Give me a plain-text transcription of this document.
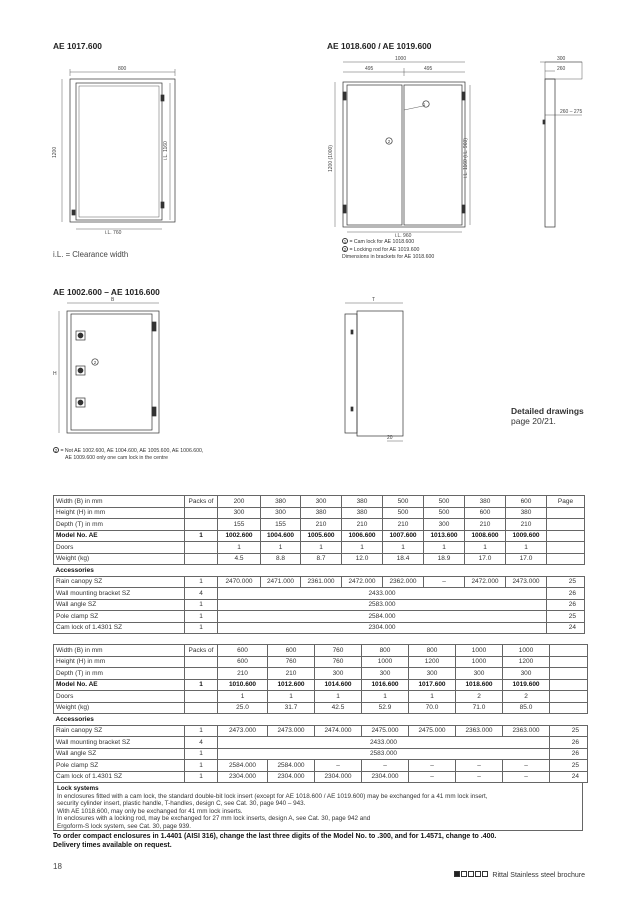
AE 1017.600	AE 1018.600 / AE 1019.600
800
1200	i.L. 1160
i.L. 760
1000
495	495
1200 (1000)	i.L. 1160 (i.L. 960)
i.L. 960
1
2
300
260
260 – 275
B
H
T
20
2
i.L. = Clearance width
1 = Cam lock for AE 1018.600
2 = Locking rod for AE 1019.600
Dimensions in brackets for AE 1018.600
AE 1002.600 – AE 1016.600
2 = Not AE 1002.600, AE 1004.600, AE 1005.600, AE 1006.600,
AE 1009.600 only one cam lock in the centre
Detailed drawings
page 20/21.
Width (B) in mm	Packs of	200	380	300	380	500	500	380	600	Page
Height (H) in mm		300	300	380	380	500	500	600	380	
Depth (T) in mm		155	155	210	210	210	300	210	210	
Model No. AE	1	1002.600	1004.600	1005.600	1006.600	1007.600	1013.600	1008.600	1009.600	
Doors		1	1	1	1	1	1	1	1	
Weight (kg)		4.5	8.8	8.7	12.0	18.4	18.9	17.0	17.0	
Accessories										
Rain canopy SZ	1	2470.000	2471.000	2361.000	2472.000	2362.000	–	2472.000	2473.000	25
Wall mounting bracket SZ	4	2433.000								26
Wall angle SZ	1	2583.000								26
Pole clamp SZ	1	2584.000								25
Cam lock of 1.4301 SZ	1	2304.000								24
Width (B) in mm	Packs of	600	600	760	800	800	1000	1000	
Height (H) in mm		600	760	760	1000	1200	1000	1200	
Depth (T) in mm		210	210	300	300	300	300	300	
Model No. AE	1	1010.600	1012.600	1014.600	1016.600	1017.600	1018.600	1019.600	
Doors		1	1	1	1	1	2	2	
Weight (kg)		25.0	31.7	42.5	52.9	70.0	71.0	85.0	
Accessories									
Rain canopy SZ	1	2473.000	2473.000	2474.000	2475.000	2475.000	2363.000	2363.000	25
Wall mounting bracket SZ	4	2433.000							26
Wall angle SZ	1	2583.000							26
Pole clamp SZ	1	2584.000	2584.000	–	–	–	–	–	25
Cam lock of 1.4301 SZ	1	2304.000	2304.000	2304.000	2304.000	–	–	–	24
Lock systems
In enclosures fitted with a cam lock, the standard double-bit lock insert (except for AE 1018.600 / AE 1019.600) may be exchanged for a 41 mm lock insert,
security cylinder insert, plastic handle, T-handles, design C, see Cat. 30, page 940 – 943.
With AE 1018.600, may only be exchanged for 41 mm lock inserts.
In enclosures with a locking rod, may be exchanged for 27 mm lock inserts, design A, see Cat. 30, page 942 and
Ergoform-S lock system, see Cat. 30, page 939.
To order compact enclosures in 1.4401 (AISI 316), change the last three digits of the Model No. to .300, and for 1.4571, change to .400.
Delivery times available on request.
18
Rittal Stainless steel brochure
